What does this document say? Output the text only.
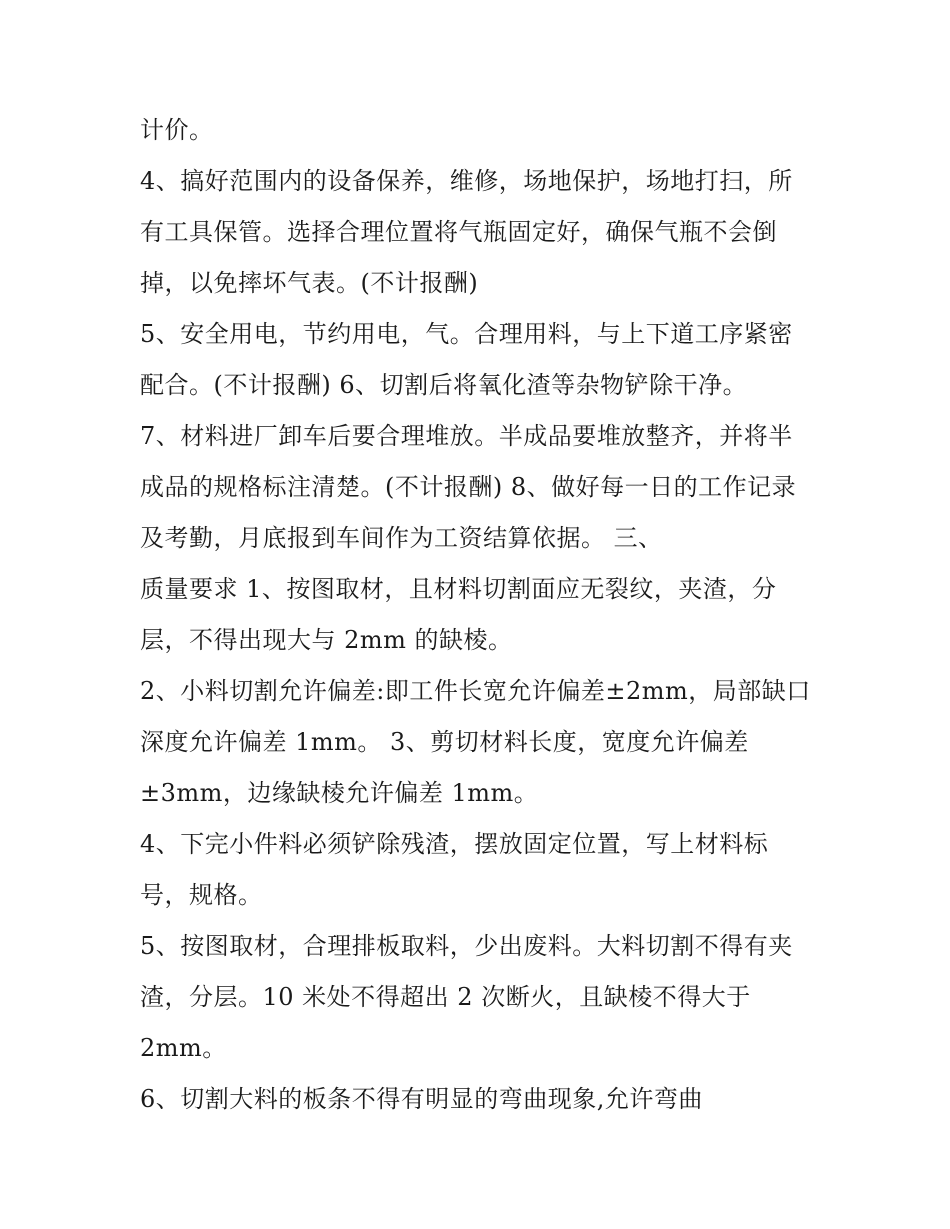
计价。
4、搞好范围内的设备保养，维修，场地保护，场地打扫，所
有工具保管。选择合理位置将气瓶固定好，确保气瓶不会倒
掉，以免摔坏气表。(不计报酬)
5、安全用电，节约用电，气。合理用料，与上下道工序紧密
配合。(不计报酬) 6、切割后将氧化渣等杂物铲除干净。
7、材料进厂卸车后要合理堆放。半成品要堆放整齐，并将半
成品的规格标注清楚。(不计报酬) 8、做好每一日的工作记录
及考勤，月底报到车间作为工资结算依据。 三、
质量要求 1、按图取材，且材料切割面应无裂纹，夹渣，分
层，不得出现大与 2mm 的缺棱。
2、小料切割允许偏差:即工件长宽允许偏差±2mm，局部缺口
深度允许偏差 1mm。 3、剪切材料长度，宽度允许偏差
±3mm，边缘缺棱允许偏差 1mm。
4、下完小件料必须铲除残渣，摆放固定位置，写上材料标
号，规格。
5、按图取材，合理排板取料，少出废料。大料切割不得有夹
渣，分层。10 米处不得超出 2 次断火，且缺棱不得大于
2mm。
6、切割大料的板条不得有明显的弯曲现象,允许弯曲
